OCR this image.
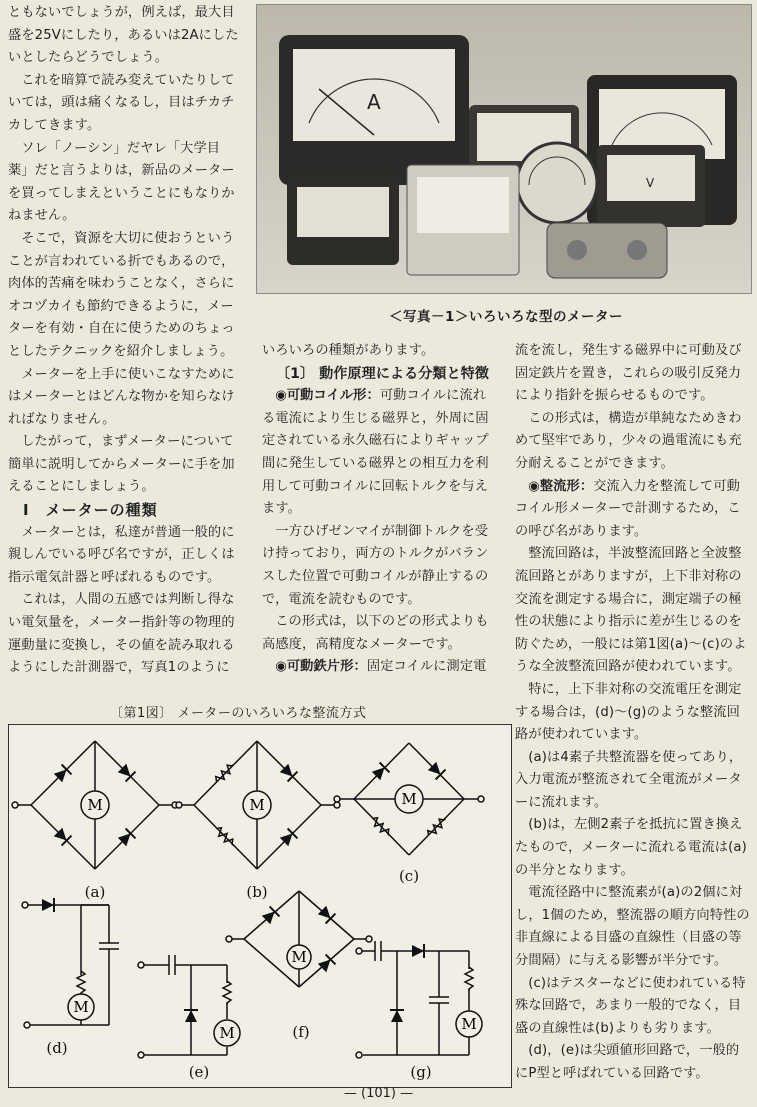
ともないでしょうが，例えば，最大目盛を25Vにしたり，あるいは2Aにしたいとしたらどうでしょう。

これを暗算で読み変えていたりしていては，頭は痛くなるし，目はチカチカしてきます。

ソレ「ノーシン」だヤレ「大学目薬」だと言うよりは，新品のメーターを買ってしまえということにもなりかねません。

そこで，資源を大切に使おうということが言われている折でもあるので，肉体的苦痛を味わうことなく，さらにオコヅカイも節約できるように，メーターを有効・自在に使うためのちょっとしたテクニックを紹介しましょう。

メーターを上手に使いこなすためにはメーターとはどんな物かを知らなければなりません。

したがって，まずメーターについて簡単に説明してからメーターに手を加えることにしましょう。

I　メーターの種類

メーターとは，私達が普通一般的に親しんでいる呼び名ですが，正しくは指示電気計器と呼ばれるものです。

これは，人間の五感では判断し得ない電気量を，メーター指針等の物理的運動量に変換し，その値を読み取れるようにした計測器で，写真1のように

A
V
＜写真－1＞いろいろな型のメーター

いろいろの種類があります。

〔1〕 動作原理による分類と特徴

◉可動コイル形：可動コイルに流れる電流により生じる磁界と，外周に固定されている永久磁石によりギャップ間に発生している磁界との相互力を利用して可動コイルに回転トルクを与えます。

一方ひげゼンマイが制御トルクを受け持っており，両方のトルクがバランスした位置で可動コイルが静止するので，電流を読むものです。

この形式は，以下のどの形式よりも高感度，高精度なメーターです。

◉可動鉄片形：固定コイルに測定電

流を流し，発生する磁界中に可動及び固定鉄片を置き，これらの吸引反発力により指針を振らせるものです。

この形式は，構造が単純なためきわめて堅牢であり，少々の過電流にも充分耐えることができます。

◉整流形：交流入力を整流して可動コイル形メーターで計測するため，この呼び名があります。

整流回路は，半波整流回路と全波整流回路とがありますが，上下非対称の交流を測定する場合に，測定端子の極性の状態により指示に差が生じるのを防ぐため，一般には第1図(a)～(c)のような全波整流回路が使われています。

特に，上下非対称の交流電圧を測定する場合は，(d)～(g)のような整流回路が使われています。

(a)は4素子共整流器を使ってあり，入力電流が整流されて全電流がメーターに流れます。

(b)は，左側2素子を抵抗に置き換えたもので，メーターに流れる電流は(a)の半分となります。

電流径路中に整流素が(a)の2個に対し，1個のため，整流器の順方向特性の非直線による目盛の直線性（目盛の等分間隔）に与える影響が半分です。

(c)はテスターなどに使われている特殊な回路で，あまり一般的でなく，目盛の直線性は(b)よりも劣ります。

(d)，(e)は尖頭値形回路で，一般的にP型と呼ばれている回路です。

〔第1図〕 メーターのいろいろな整流方式
M	M	M
M
M
M
M
(a)	(b)
(c)
(d)
(e)
(f)
(g)
— (101) —
